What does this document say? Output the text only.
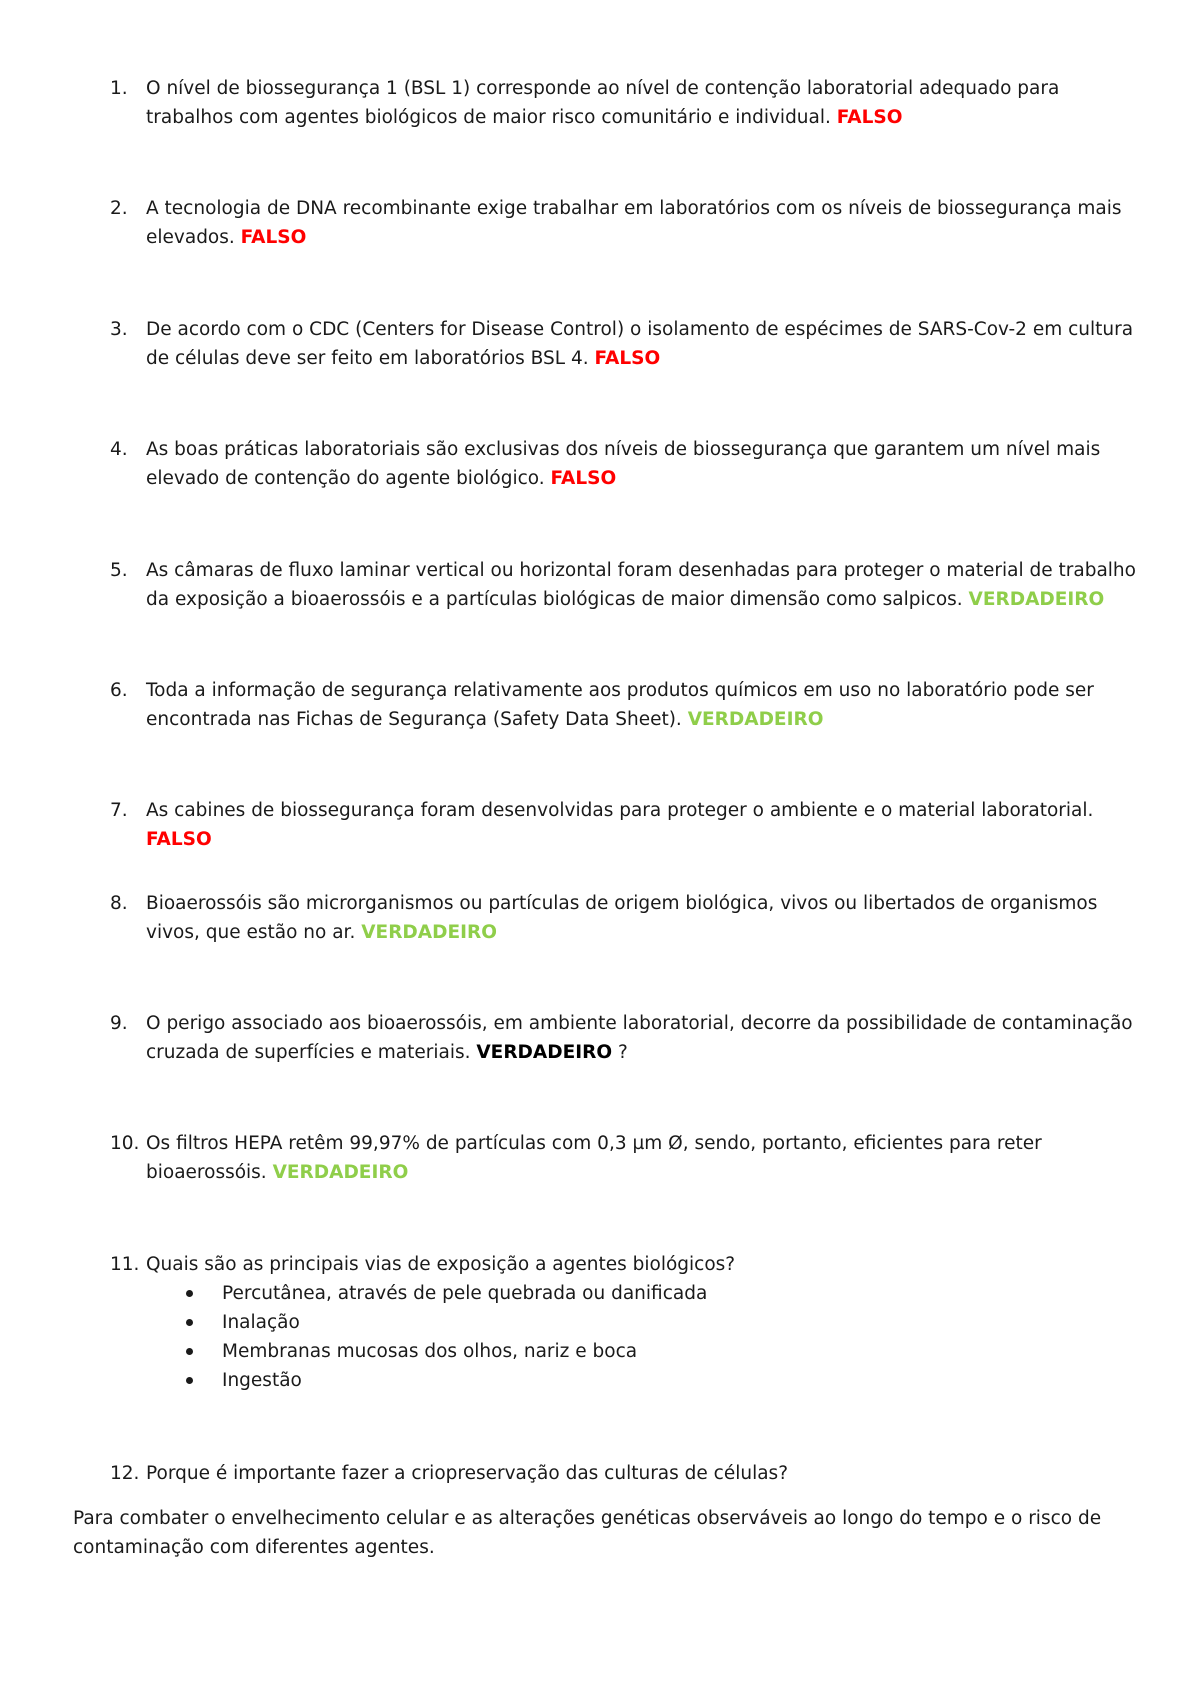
1. O nível de biossegurança 1 (BSL 1) corresponde ao nível de contenção laboratorial adequado para trabalhos com agentes biológicos de maior risco comunitário e individual. FALSO
2. A tecnologia de DNA recombinante exige trabalhar em laboratórios com os níveis de biossegurança mais elevados. FALSO
3. De acordo com o CDC (Centers for Disease Control) o isolamento de espécimes de SARS-Cov-2 em cultura de células deve ser feito em laboratórios BSL 4. FALSO
4. As boas práticas laboratoriais são exclusivas dos níveis de biossegurança que garantem um nível mais elevado de contenção do agente biológico. FALSO
5. As câmaras de fluxo laminar vertical ou horizontal foram desenhadas para proteger o material de trabalho da exposição a bioaerossóis e a partículas biológicas de maior dimensão como salpicos. VERDADEIRO
6. Toda a informação de segurança relativamente aos produtos químicos em uso no laboratório pode ser encontrada nas Fichas de Segurança (Safety Data Sheet). VERDADEIRO
7. As cabines de biossegurança foram desenvolvidas para proteger o ambiente e o material laboratorial. FALSO
8. Bioaerossóis são microrganismos ou partículas de origem biológica, vivos ou libertados de organismos vivos, que estão no ar. VERDADEIRO
9. O perigo associado aos bioaerossóis, em ambiente laboratorial, decorre da possibilidade de contaminação cruzada de superfícies e materiais. VERDADEIRO ?
10. Os filtros HEPA retêm 99,97% de partículas com 0,3 µm Ø, sendo, portanto, eficientes para reter bioaerossóis. VERDADEIRO
11. Quais são as principais vias de exposição a agentes biológicos?
Percutânea, através de pele quebrada ou danificada
Inalação
Membranas mucosas dos olhos, nariz e boca
Ingestão
12. Porque é importante fazer a criopreservação das culturas de células?
Para combater o envelhecimento celular e as alterações genéticas observáveis ao longo do tempo e o risco de contaminação com diferentes agentes.
